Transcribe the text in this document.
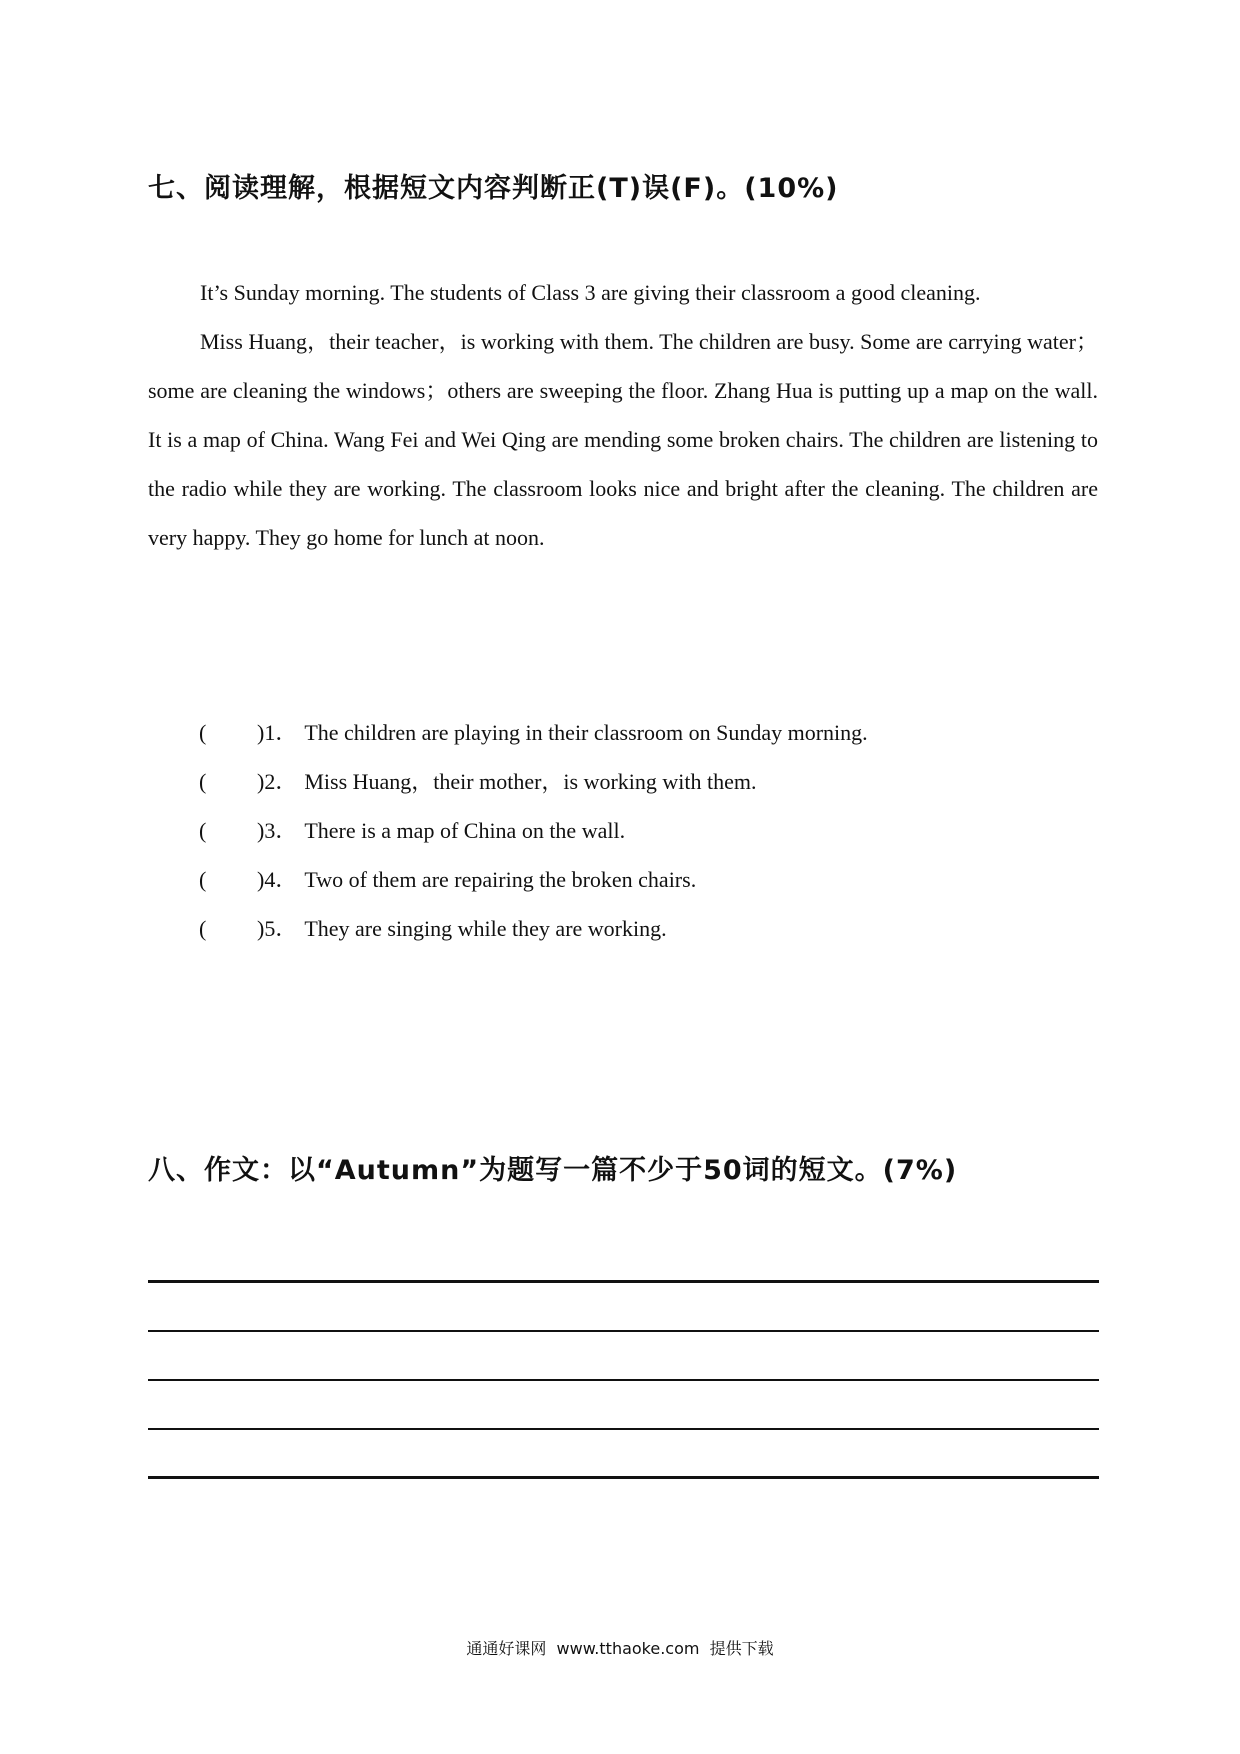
七、阅读理解，根据短文内容判断正(T)误(F)。(10%)

It’s Sunday morning. The students of Class 3 are giving their classroom a good cleaning.

Miss Huang，their teacher，is working with them. The children are busy. Some are carrying water；some are cleaning the windows；others are sweeping the floor. Zhang Hua is putting up a map on the wall. It is a map of China. Wang Fei and Wei Qing are mending some broken chairs. The children are listening to the radio while they are working. The classroom looks nice and bright after the cleaning. The children are very happy. They go home for lunch at noon.

(	) 1． The children are playing in their classroom on Sunday morning.
(	) 2． Miss Huang，their mother，is working with them.
(	) 3． There is a map of China on the wall.
(	) 4． Two of them are repairing the broken chairs.
(	) 5． They are singing while they are working.
八、作文：以“Autumn”为题写一篇不少于50词的短文。(7%)
通通好课网  www.tthaoke.com  提供下载
